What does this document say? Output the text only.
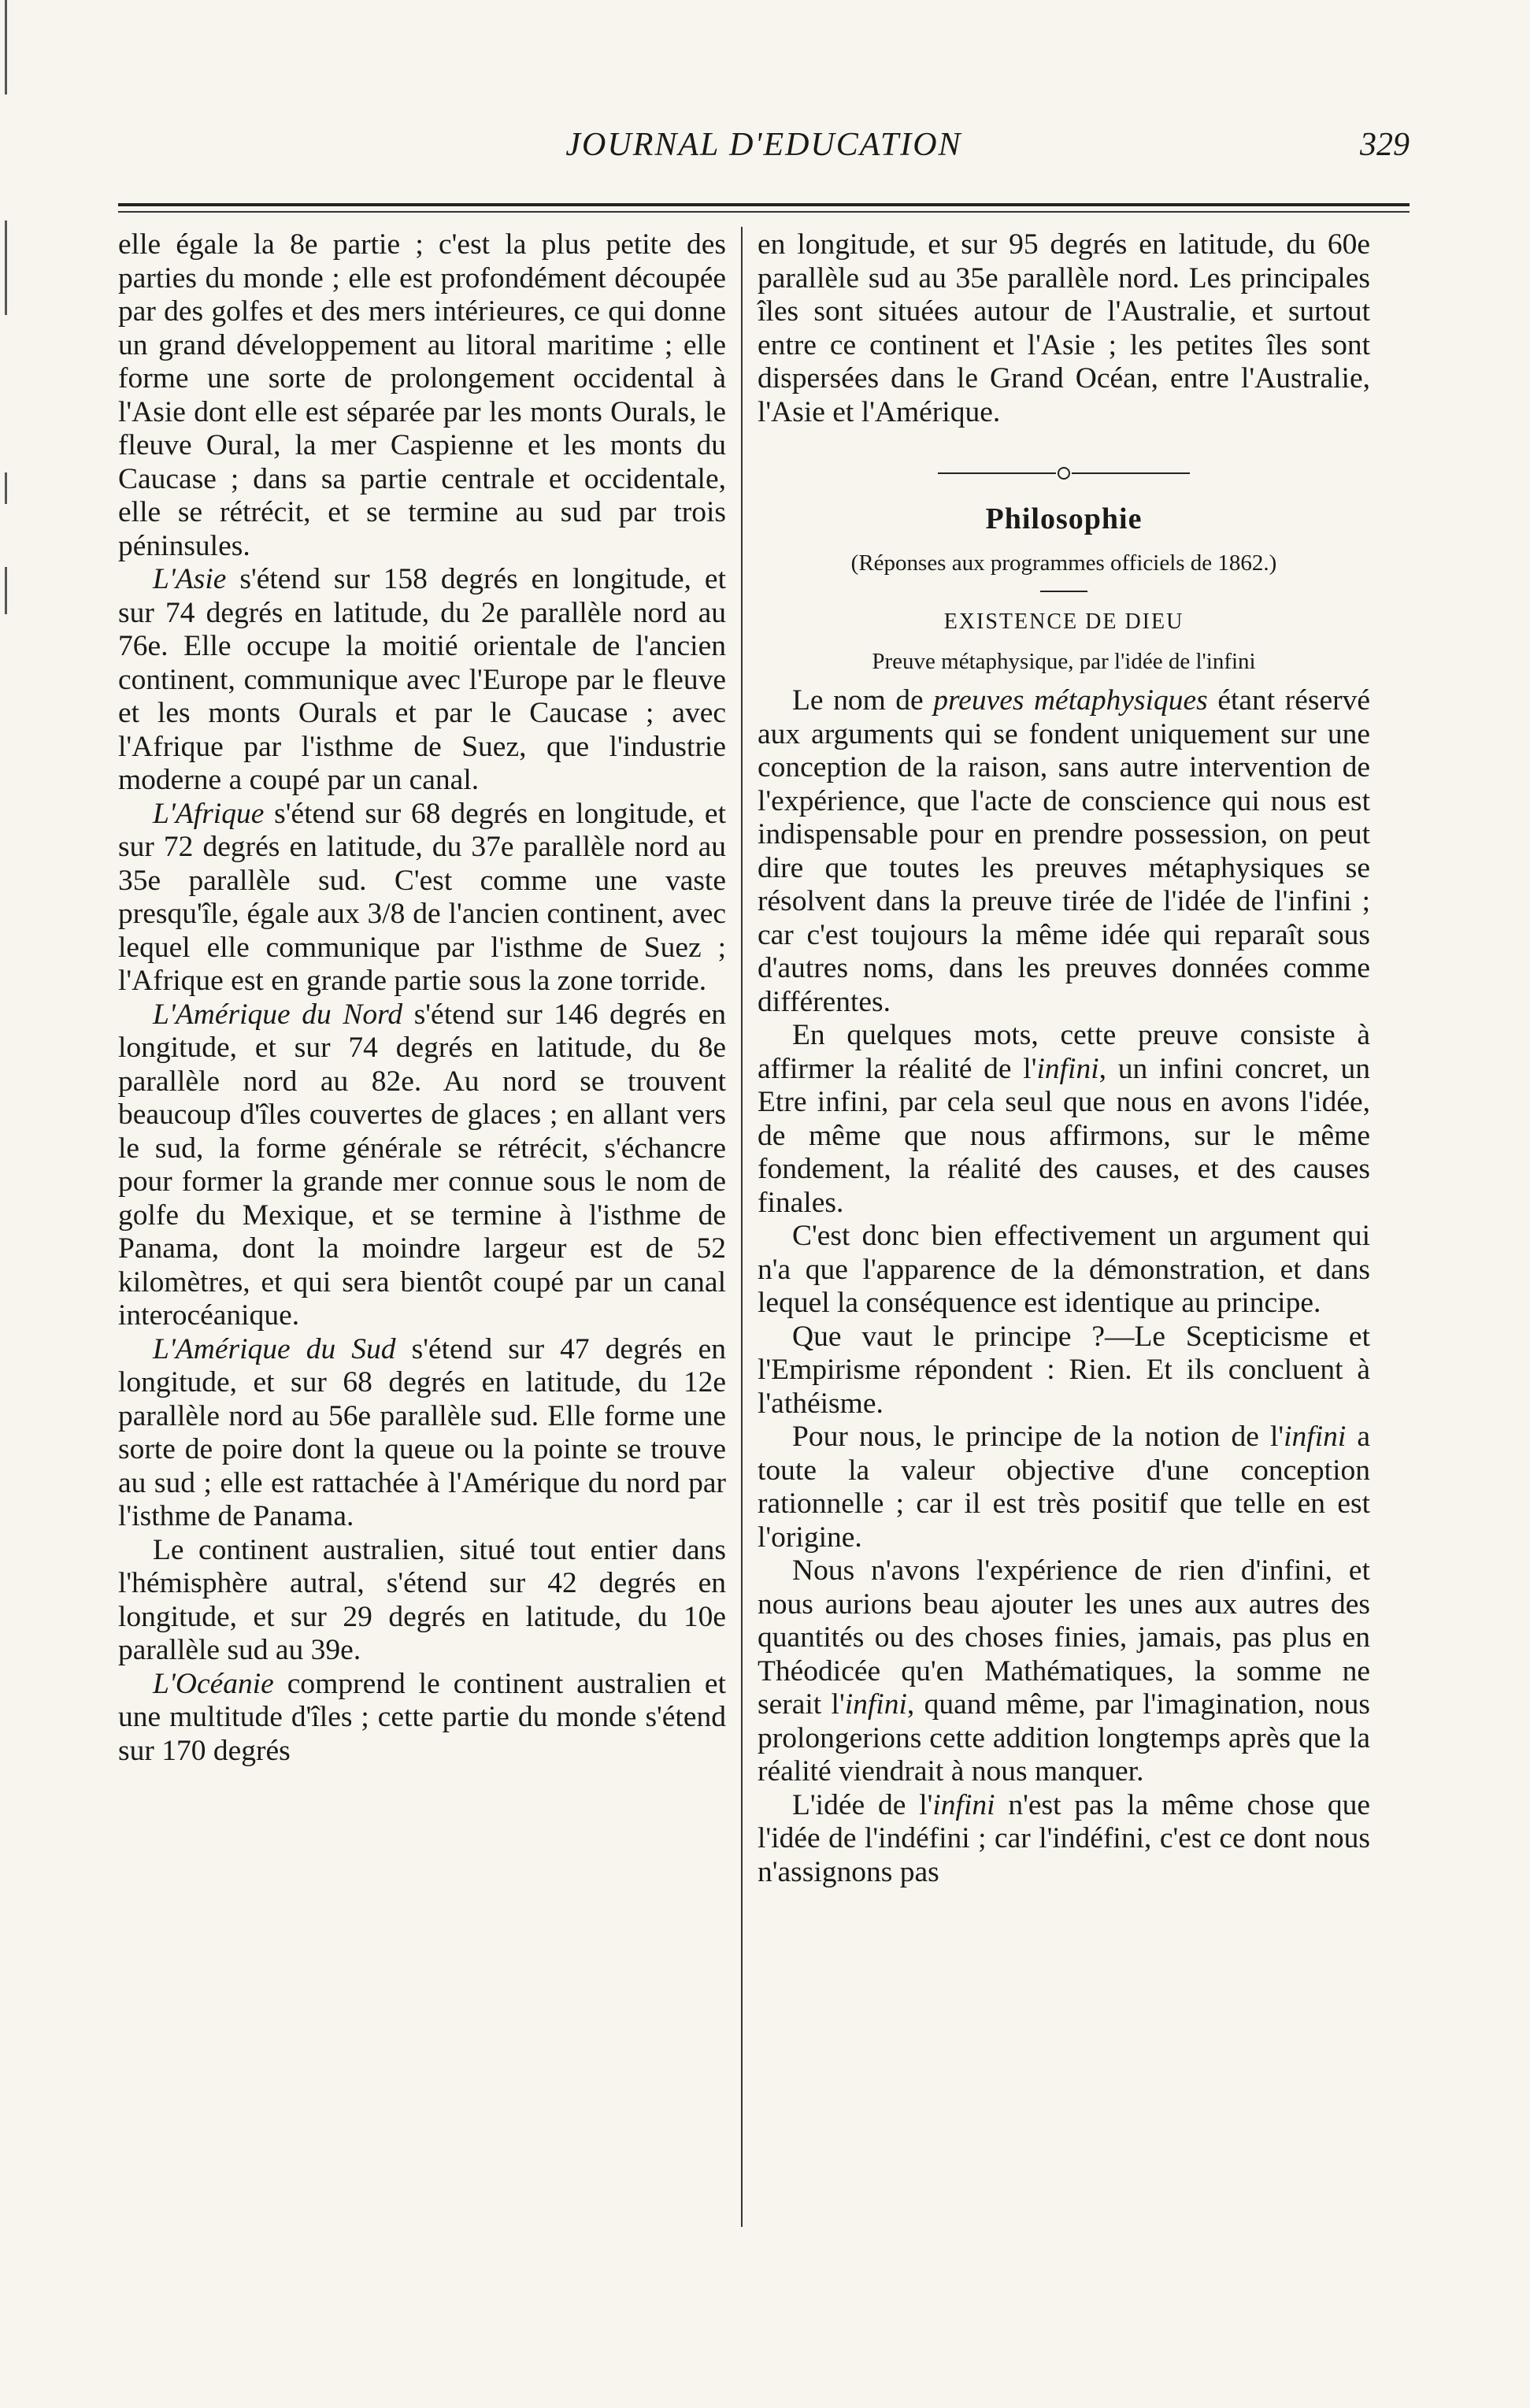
JOURNAL D'EDUCATION	329

elle égale la 8e partie ; c'est la plus petite des parties du monde ; elle est profondément découpée par des golfes et des mers intérieures, ce qui donne un grand développement au litoral maritime ; elle forme une sorte de prolongement occidental à l'Asie dont elle est séparée par les monts Ourals, le fleuve Oural, la mer Caspienne et les monts du Caucase ; dans sa partie centrale et occidentale, elle se rétrécit, et se termine au sud par trois péninsules.

L'Asie s'étend sur 158 degrés en longitude, et sur 74 degrés en latitude, du 2e parallèle nord au 76e. Elle occupe la moitié orientale de l'ancien continent, communique avec l'Europe par le fleuve et les monts Ourals et par le Caucase ; avec l'Afrique par l'isthme de Suez, que l'industrie moderne a coupé par un canal.

L'Afrique s'étend sur 68 degrés en longitude, et sur 72 degrés en latitude, du 37e parallèle nord au 35e parallèle sud. C'est comme une vaste presqu'île, égale aux 3/8 de l'ancien continent, avec lequel elle communique par l'isthme de Suez ; l'Afrique est en grande partie sous la zone torride.

L'Amérique du Nord s'étend sur 146 degrés en longitude, et sur 74 degrés en latitude, du 8e parallèle nord au 82e. Au nord se trouvent beaucoup d'îles couvertes de glaces ; en allant vers le sud, la forme générale se rétrécit, s'échancre pour former la grande mer connue sous le nom de golfe du Mexique, et se termine à l'isthme de Panama, dont la moindre largeur est de 52 kilomètres, et qui sera bientôt coupé par un canal interocéanique.

L'Amérique du Sud s'étend sur 47 degrés en longitude, et sur 68 degrés en latitude, du 12e parallèle nord au 56e parallèle sud. Elle forme une sorte de poire dont la queue ou la pointe se trouve au sud ; elle est rattachée à l'Amérique du nord par l'isthme de Panama.

Le continent australien, situé tout entier dans l'hémisphère autral, s'étend sur 42 degrés en longitude, et sur 29 degrés en latitude, du 10e parallèle sud au 39e.

L'Océanie comprend le continent australien et une multitude d'îles ; cette partie du monde s'étend sur 170 degrés

en longitude, et sur 95 degrés en latitude, du 60e parallèle sud au 35e parallèle nord. Les principales îles sont situées autour de l'Australie, et surtout entre ce continent et l'Asie ; les petites îles sont dispersées dans le Grand Océan, entre l'Australie, l'Asie et l'Amérique.

Philosophie
(Réponses aux programmes officiels de 1862.)
EXISTENCE DE DIEU
Preuve métaphysique, par l'idée de l'infini

Le nom de preuves métaphysiques étant réservé aux arguments qui se fondent uniquement sur une conception de la raison, sans autre intervention de l'expérience, que l'acte de conscience qui nous est indispensable pour en prendre possession, on peut dire que toutes les preuves métaphysiques se résolvent dans la preuve tirée de l'idée de l'infini ; car c'est toujours la même idée qui reparaît sous d'autres noms, dans les preuves données comme différentes.

En quelques mots, cette preuve consiste à affirmer la réalité de l'infini, un infini concret, un Etre infini, par cela seul que nous en avons l'idée, de même que nous affirmons, sur le même fondement, la réalité des causes, et des causes finales.

C'est donc bien effectivement un argument qui n'a que l'apparence de la démonstration, et dans lequel la conséquence est identique au principe.

Que vaut le principe ?—Le Scepticisme et l'Empirisme répondent : Rien. Et ils concluent à l'athéisme.

Pour nous, le principe de la notion de l'infini a toute la valeur objective d'une conception rationnelle ; car il est très positif que telle en est l'origine.

Nous n'avons l'expérience de rien d'infini, et nous aurions beau ajouter les unes aux autres des quantités ou des choses finies, jamais, pas plus en Théodicée qu'en Mathématiques, la somme ne serait l'infini, quand même, par l'imagination, nous prolongerions cette addition longtemps après que la réalité viendrait à nous manquer.

L'idée de l'infini n'est pas la même chose que l'idée de l'indéfini ; car l'indéfini, c'est ce dont nous n'assignons pas
